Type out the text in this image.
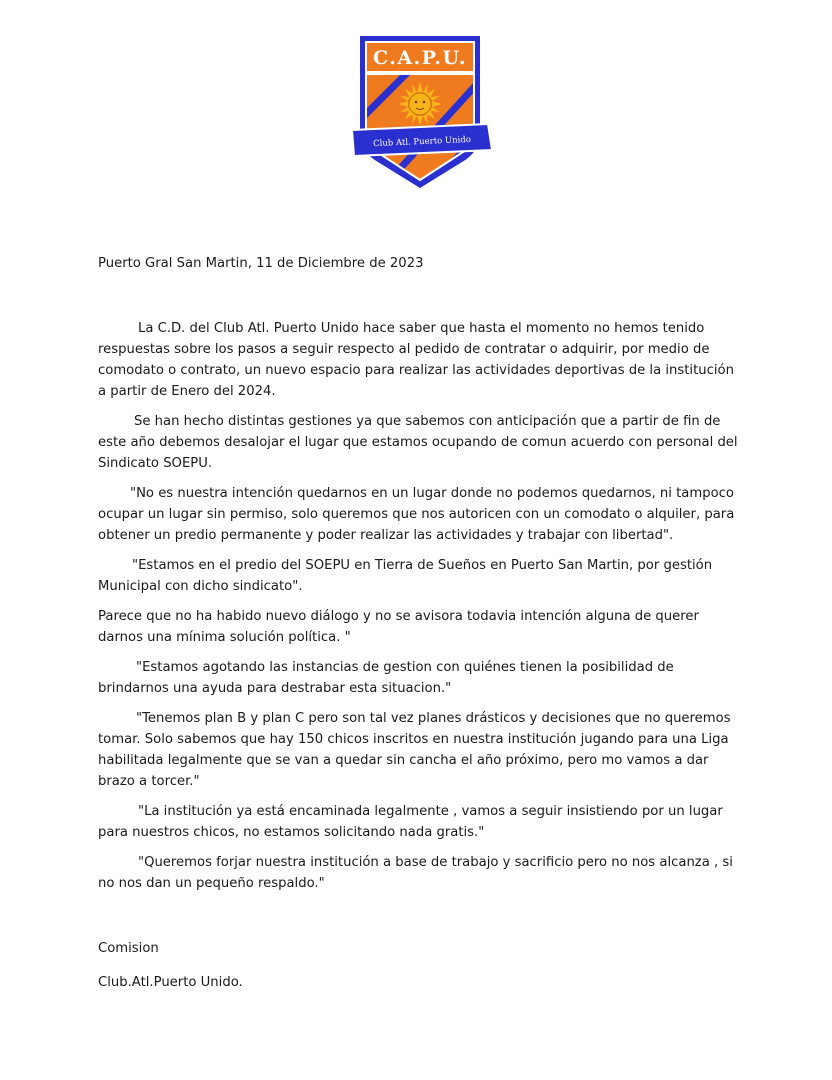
C.A.P.U.
Club Atl. Puerto Unido

Puerto Gral San Martin, 11 de Diciembre de 2023

La C.D. del Club Atl. Puerto Unido hace saber que hasta el momento no hemos tenido respuestas sobre los pasos a seguir respecto al pedido de contratar o adquirir, por medio de comodato o contrato, un nuevo espacio para realizar las actividades deportivas de la institución a partir de Enero del 2024.

Se han hecho distintas gestiones ya que sabemos con anticipación que a partir de fin de este año debemos desalojar el lugar que estamos ocupando de comun acuerdo con personal del Sindicato SOEPU.

"No es nuestra intención quedarnos en un lugar donde no podemos quedarnos, ni tampoco ocupar un lugar sin permiso, solo queremos que nos autoricen con un comodato o alquiler, para obtener un predio permanente y poder realizar las actividades y trabajar con libertad".

"Estamos en el predio del SOEPU en Tierra de Sueños en Puerto San Martin, por gestión Municipal con dicho sindicato".

Parece que no ha habido nuevo diálogo y no se avisora todavia intención alguna de querer darnos una mínima solución política. "

"Estamos agotando las instancias de gestion con quiénes tienen la posibilidad de brindarnos una ayuda para destrabar esta situacion."

"Tenemos plan B y plan C pero son tal vez planes drásticos y decisiones que no queremos tomar. Solo sabemos que hay 150 chicos inscritos en nuestra institución jugando para una Liga habilitada legalmente que se van a quedar sin cancha el año próximo, pero mo vamos a dar brazo a torcer."

"La institución ya está encaminada legalmente , vamos a seguir insistiendo por un lugar para nuestros chicos, no estamos solicitando nada gratis."

"Queremos forjar nuestra institución a base de trabajo y sacrificio pero no nos alcanza , si no nos dan un pequeño respaldo."

Comision

Club.Atl.Puerto Unido.
